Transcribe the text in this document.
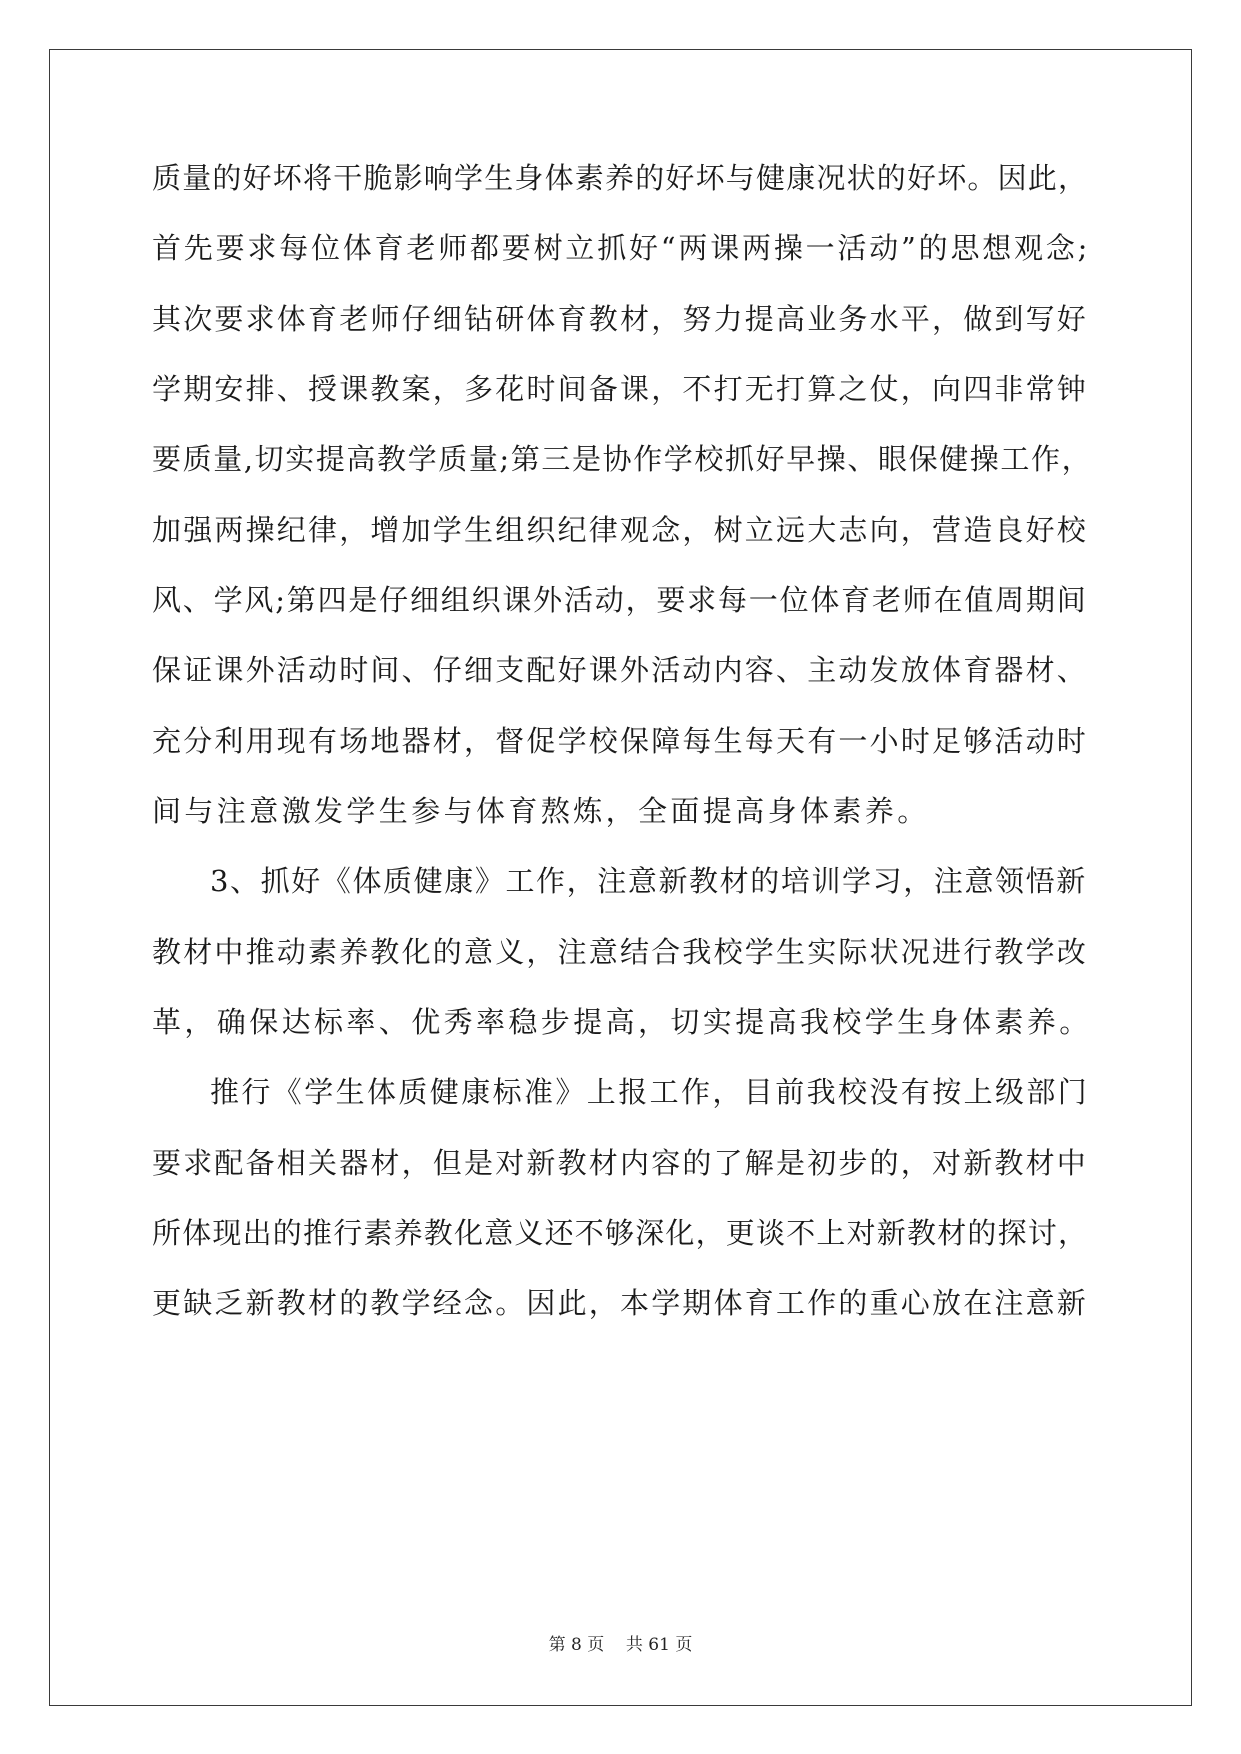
质量的好坏将干脆影响学生身体素养的好坏与健康况状的好坏。因此，
首先要求每位体育老师都要树立抓好“两课两操一活动”的思想观念;
其次要求体育老师仔细钻研体育教材，努力提高业务水平，做到写好
学期安排、授课教案，多花时间备课，不打无打算之仗，向四非常钟
要质量,切实提高教学质量;第三是协作学校抓好早操、眼保健操工作，
加强两操纪律，增加学生组织纪律观念，树立远大志向，营造良好校
风、学风;第四是仔细组织课外活动，要求每一位体育老师在值周期间
保证课外活动时间、仔细支配好课外活动内容、主动发放体育器材、
充分利用现有场地器材，督促学校保障每生每天有一小时足够活动时
间与注意激发学生参与体育熬炼，全面提高身体素养。
3、抓好《体质健康》工作，注意新教材的培训学习，注意领悟新
教材中推动素养教化的意义，注意结合我校学生实际状况进行教学改
革，确保达标率、优秀率稳步提高，切实提高我校学生身体素养。
推行《学生体质健康标准》上报工作，目前我校没有按上级部门
要求配备相关器材，但是对新教材内容的了解是初步的，对新教材中
所体现出的推行素养教化意义还不够深化，更谈不上对新教材的探讨，
更缺乏新教材的教学经念。因此，本学期体育工作的重心放在注意新
第 8 页 共 61 页
